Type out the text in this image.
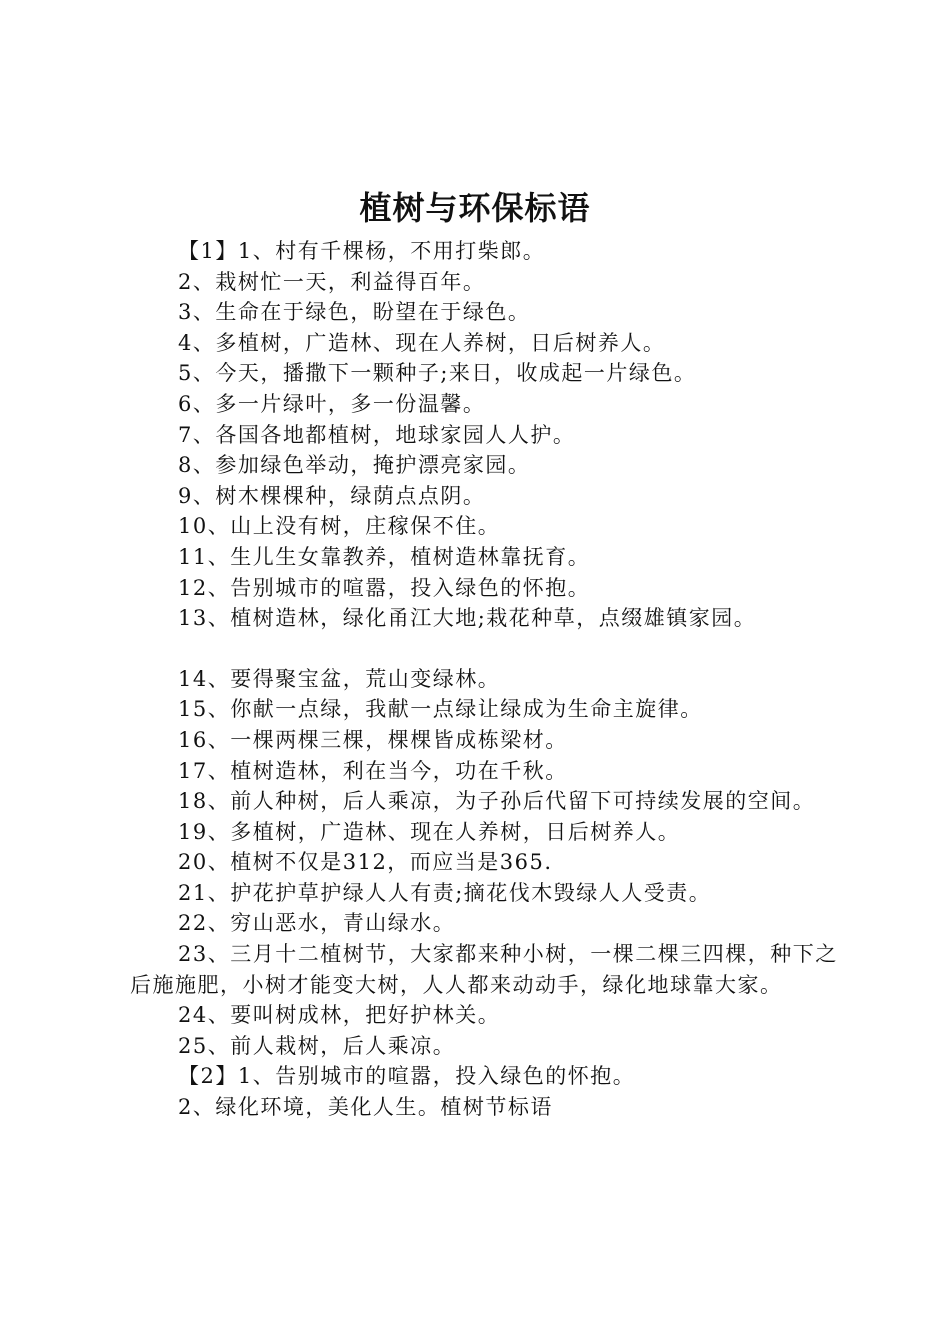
植树与环保标语

【1】1、村有千棵杨，不用打柴郎。

2、栽树忙一天，利益得百年。

3、生命在于绿色，盼望在于绿色。

4、多植树，广造林、现在人养树，日后树养人。

5、今天，播撒下一颗种子;来日，收成起一片绿色。

6、多一片绿叶，多一份温馨。

7、各国各地都植树，地球家园人人护。

8、参加绿色举动，掩护漂亮家园。

9、树木棵棵种，绿荫点点阴。

10、山上没有树，庄稼保不住。

11、生儿生女靠教养，植树造林靠抚育。

12、告别城市的喧嚣，投入绿色的怀抱。

13、植树造林，绿化甬江大地;栽花种草，点缀雄镇家园。

14、要得聚宝盆，荒山变绿林。

15、你献一点绿，我献一点绿让绿成为生命主旋律。

16、一棵两棵三棵，棵棵皆成栋梁材。

17、植树造林，利在当今，功在千秋。

18、前人种树，后人乘凉，为子孙后代留下可持续发展的空间。

19、多植树，广造林、现在人养树，日后树养人。

20、植树不仅是312，而应当是365.

21、护花护草护绿人人有责;摘花伐木毁绿人人受责。

22、穷山恶水，青山绿水。

23、三月十二植树节，大家都来种小树，一棵二棵三四棵，种下之后施施肥，小树才能变大树，人人都来动动手，绿化地球靠大家。

24、要叫树成林，把好护林关。

25、前人栽树，后人乘凉。

【2】1、告别城市的喧嚣，投入绿色的怀抱。

2、绿化环境，美化人生。植树节标语
